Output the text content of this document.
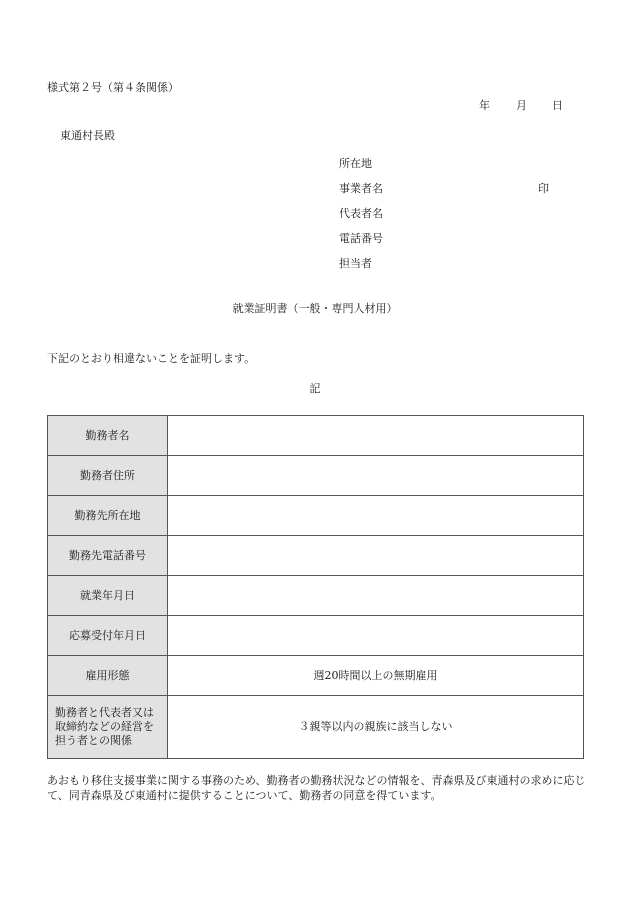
様式第２号（第４条関係）
年 月 日
東通村長殿
所在地
事業者名	印
代表者名
電話番号
担当者
就業証明書（一般・専門人材用）
下記のとおり相違ないことを証明します。
記
勤務者名	
勤務者住所	
勤務先所在地	
勤務先電話番号	
就業年月日	
応募受付年月日	
雇用形態	週20時間以上の無期雇用
勤務者と代表者又は取締約などの経営を担う者との関係	３親等以内の親族に該当しない
あおもり移住支援事業に関する事務のため、勤務者の勤務状況などの情報を、青森県及び東通村の求めに応じて、同青森県及び東通村に提供することについて、勤務者の同意を得ています。
